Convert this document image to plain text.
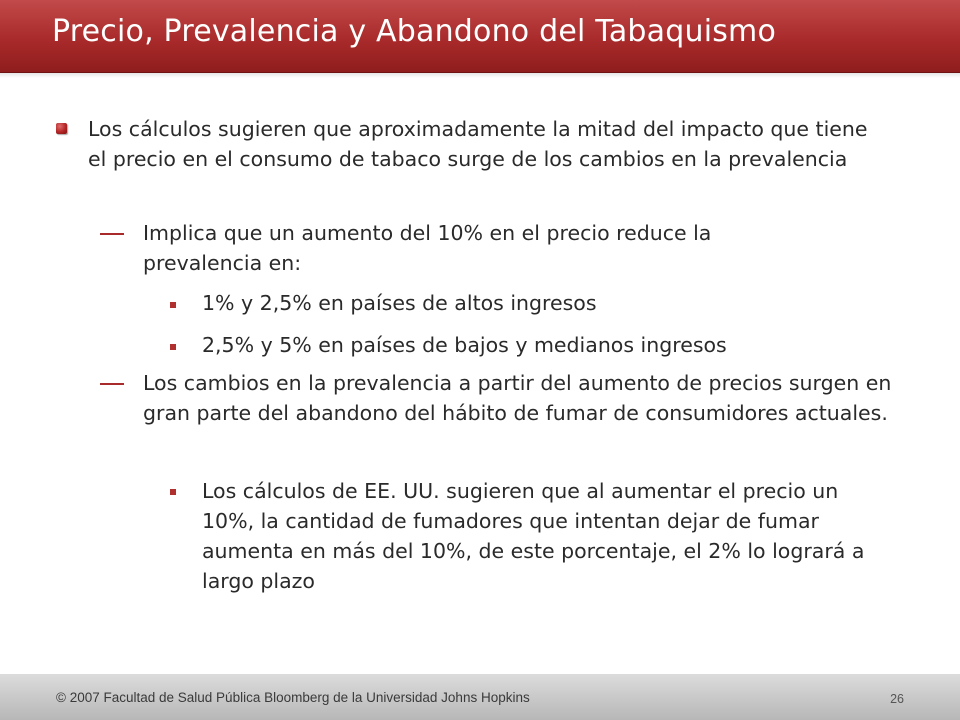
Precio, Prevalencia y Abandono del Tabaquismo

Los cálculos sugieren que aproximadamente la mitad del impacto que tiene el precio en el consumo de tabaco surge de los cambios en la prevalencia

Implica que un aumento del 10% en el precio reduce la prevalencia en:

1% y 2,5% en países de altos ingresos

2,5% y 5% en países de bajos y medianos ingresos

Los cambios en la prevalencia a partir del aumento de precios surgen en gran parte del abandono del hábito de fumar de consumidores actuales.

Los cálculos de EE. UU. sugieren que al aumentar el precio un 10%, la cantidad de fumadores que intentan dejar de fumar aumenta en más del 10%, de este porcentaje, el 2% lo logrará a largo plazo

© 2007 Facultad de Salud Pública Bloomberg de la Universidad Johns Hopkins	26
